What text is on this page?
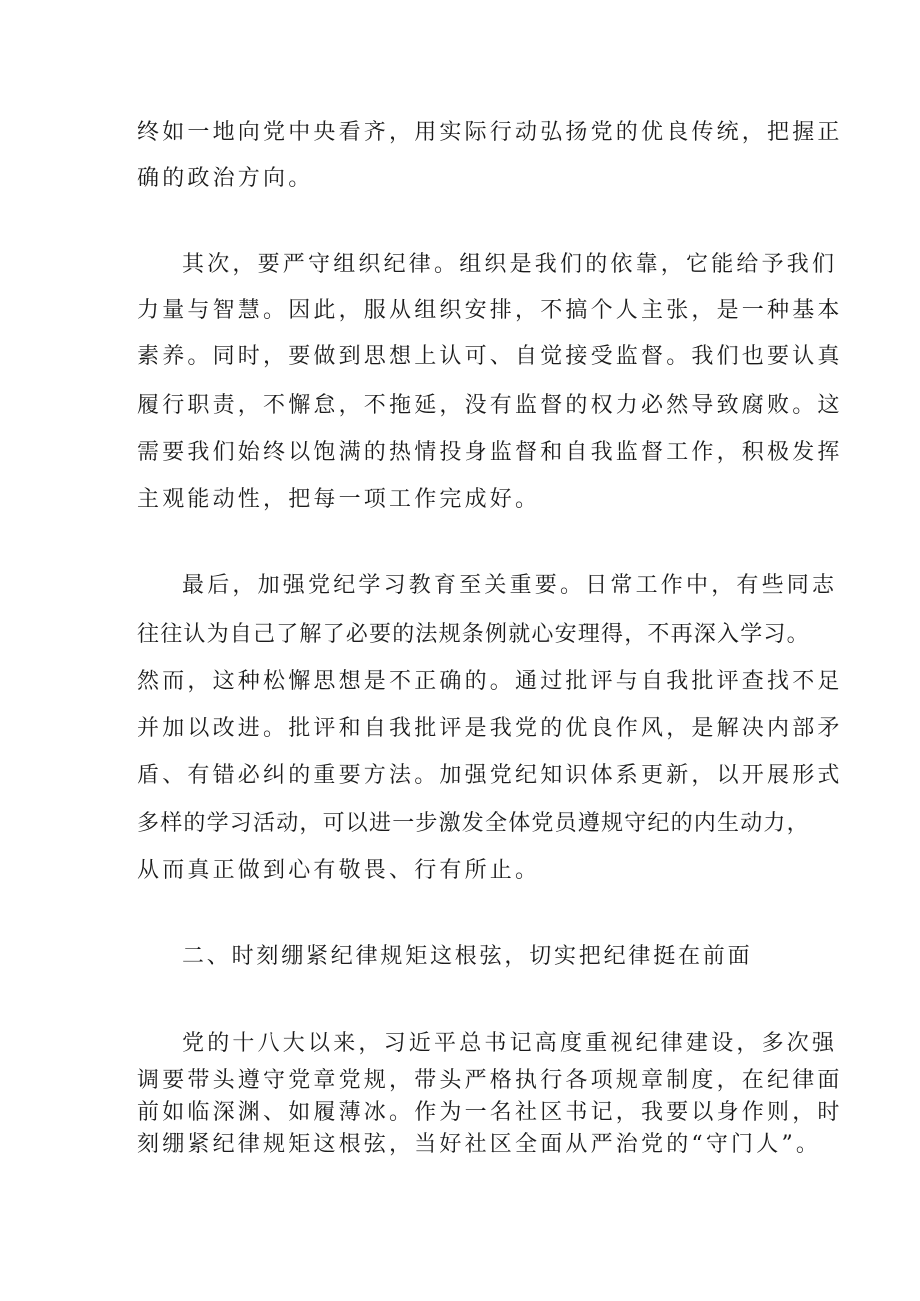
终如一地向党中央看齐，用实际行动弘扬党的优良传统，把握正
确的政治方向。
其次，要严守组织纪律。组织是我们的依靠，它能给予我们
力量与智慧。因此，服从组织安排，不搞个人主张，是一种基本
素养。同时，要做到思想上认可、自觉接受监督。我们也要认真
履行职责，不懈怠，不拖延，没有监督的权力必然导致腐败。这
需要我们始终以饱满的热情投身监督和自我监督工作，积极发挥
主观能动性，把每一项工作完成好。
最后，加强党纪学习教育至关重要。日常工作中，有些同志
往往认为自己了解了必要的法规条例就心安理得，不再深入学习。
然而，这种松懈思想是不正确的。通过批评与自我批评查找不足
并加以改进。批评和自我批评是我党的优良作风，是解决内部矛
盾、有错必纠的重要方法。加强党纪知识体系更新，以开展形式
多样的学习活动，可以进一步激发全体党员遵规守纪的内生动力，
从而真正做到心有敬畏、行有所止。
二、时刻绷紧纪律规矩这根弦，切实把纪律挺在前面
党的十八大以来，习近平总书记高度重视纪律建设，多次强
调要带头遵守党章党规，带头严格执行各项规章制度，在纪律面
前如临深渊、如履薄冰。作为一名社区书记，我要以身作则，时
刻绷紧纪律规矩这根弦，当好社区全面从严治党的“守门人”。
